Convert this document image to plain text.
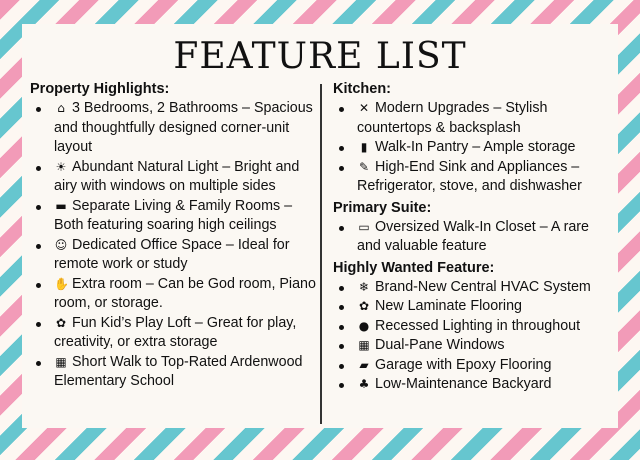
FEATURE LIST
Property Highlights:
⌂ 3 Bedrooms, 2 Bathrooms – Spacious and thoughtfully designed corner-unit layout
☀ Abundant Natural Light – Bright and airy with windows on multiple sides
▬ Separate Living & Family Rooms – Both featuring soaring high ceilings
☺ Dedicated Office Space – Ideal for remote work or study
✋ Extra room – Can be God room, Piano room, or storage.
✿ Fun Kid’s Play Loft – Great for play, creativity, or extra storage
▦ Short Walk to Top-Rated Ardenwood Elementary School
Kitchen:
✕ Modern Upgrades – Stylish countertops & backsplash
▮ Walk-In Pantry – Ample storage
✎ High-End Sink and Appliances – Refrigerator, stove, and dishwasher
Primary Suite:
▭ Oversized Walk-In Closet – A rare and valuable feature
Highly Wanted Feature:
❄ Brand-New Central HVAC System
✿ New Laminate Flooring
● Recessed Lighting in throughout
▦ Dual-Pane Windows
▰ Garage with Epoxy Flooring
♣ Low-Maintenance Backyard
